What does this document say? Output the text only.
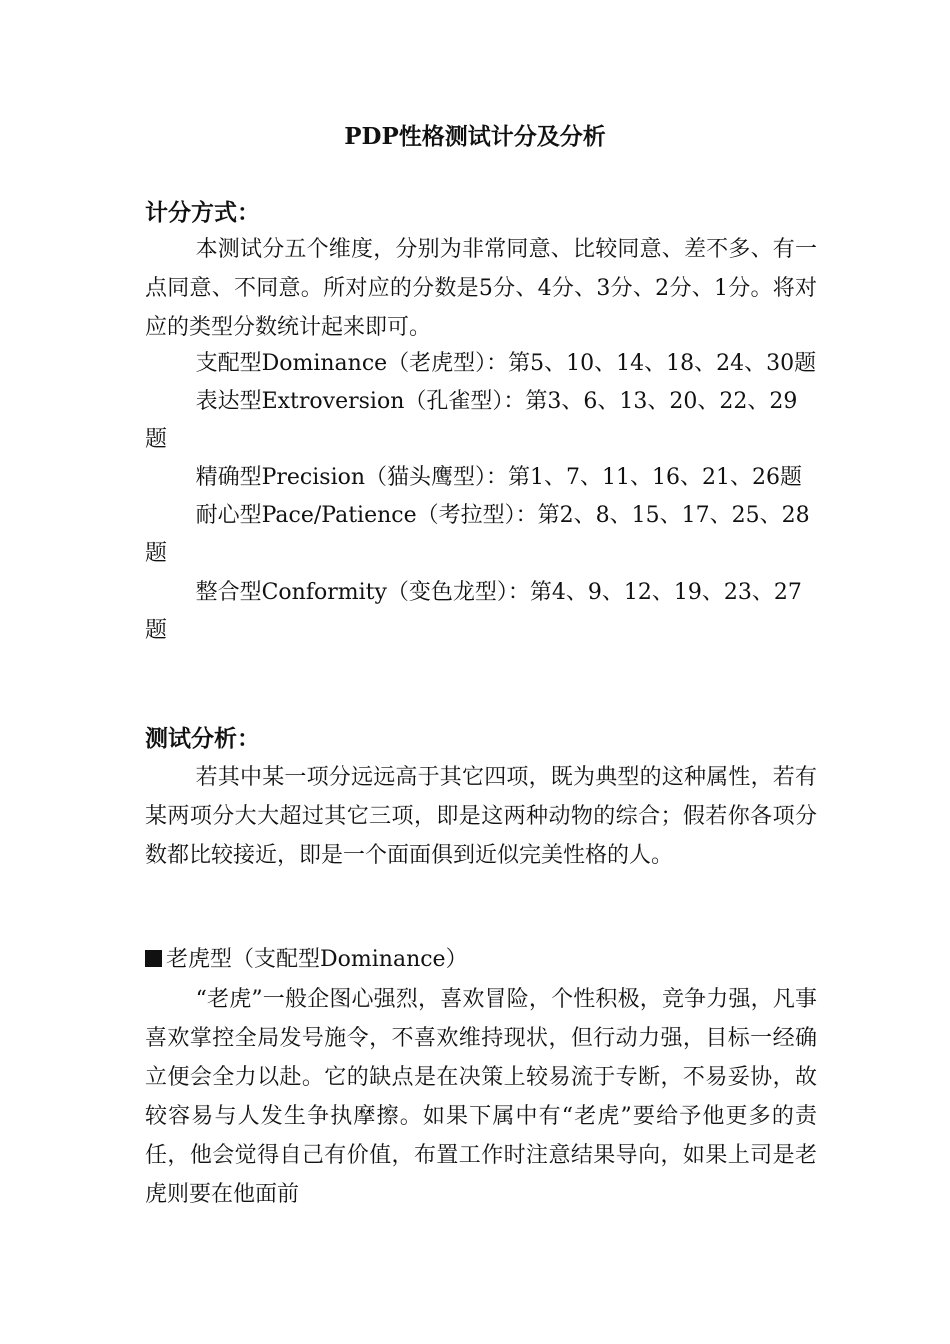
PDP性格测试计分及分析
计分方式：

本测试分五个维度，分别为非常同意、比较同意、差不多、有一点同意、不同意。所对应的分数是5分、4分、3分、2分、1分。将对应的类型分数统计起来即可。

支配型Dominance（老虎型）：第5、10、14、18、24、30题

表达型Extroversion（孔雀型）：第3、6、13、20、22、29题

精确型Precision（猫头鹰型）：第1、7、11、16、21、26题

耐心型Pace/Patience（考拉型）：第2、8、15、17、25、28题

整合型Conformity（变色龙型）：第4、9、12、19、23、27题

测试分析：

若其中某一项分远远高于其它四项，既为典型的这种属性，若有某两项分大大超过其它三项，即是这两种动物的综合；假若你各项分数都比较接近，即是一个面面俱到近似完美性格的人。

老虎型（支配型Dominance）

“老虎”一般企图心强烈，喜欢冒险，个性积极，竞争力强，凡事喜欢掌控全局发号施令，不喜欢维持现状，但行动力强，目标一经确立便会全力以赴。它的缺点是在决策上较易流于专断，不易妥协，故较容易与人发生争执摩擦。如果下属中有“老虎”要给予他更多的责任，他会觉得自己有价值，布置工作时注意结果导向，如果上司是老虎则要在他面前
